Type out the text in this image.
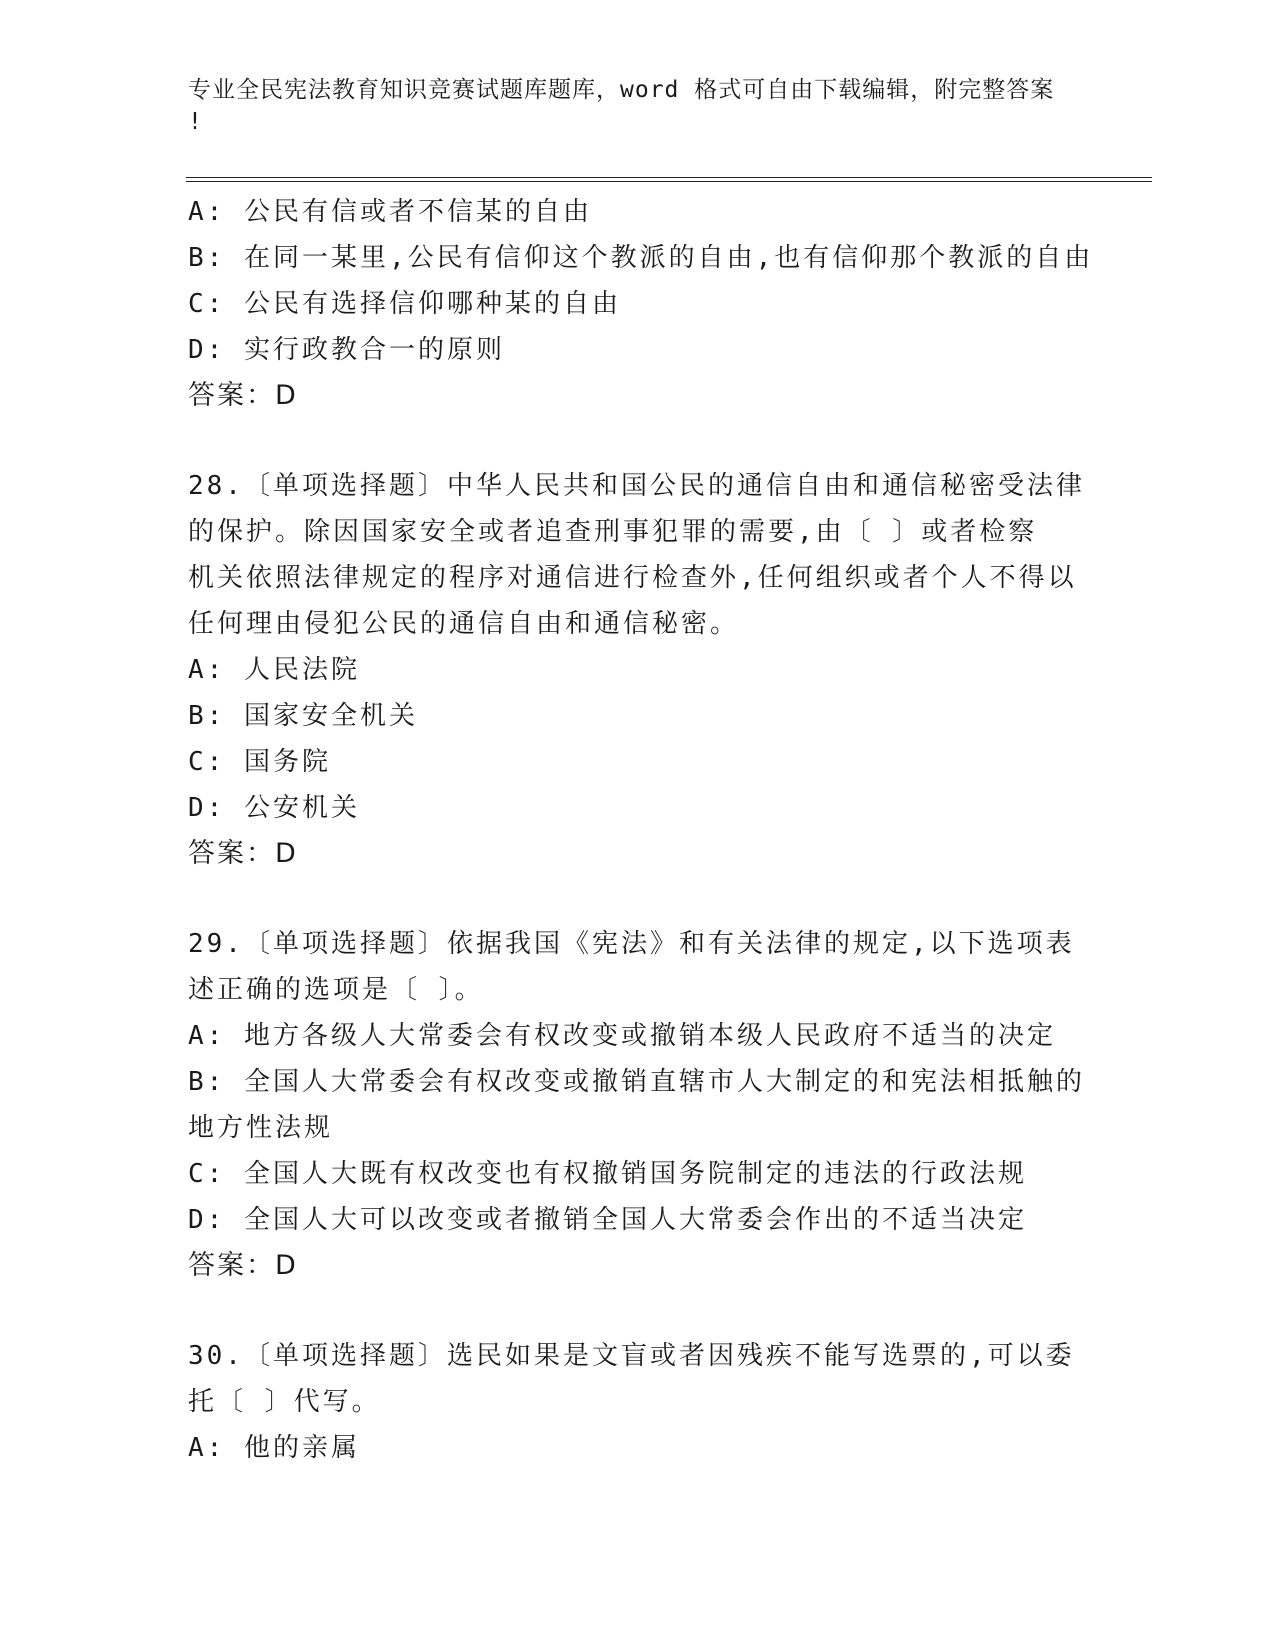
专业全民宪法教育知识竞赛试题库题库，word 格式可自由下载编辑，附完整答案
!
A: 公民有信或者不信某的自由
B: 在同一某里,公民有信仰这个教派的自由,也有信仰那个教派的自由
C: 公民有选择信仰哪种某的自由
D: 实行政教合一的原则
答案：D
28.〔单项选择题〕中华人民共和国公民的通信自由和通信秘密受法律
的保护。除因国家安全或者追查刑事犯罪的需要,由〔 〕或者检察
机关依照法律规定的程序对通信进行检查外,任何组织或者个人不得以
任何理由侵犯公民的通信自由和通信秘密。
A: 人民法院
B: 国家安全机关
C: 国务院
D: 公安机关
答案：D
29.〔单项选择题〕依据我国《宪法》和有关法律的规定,以下选项表
述正确的选项是〔 〕。
A: 地方各级人大常委会有权改变或撤销本级人民政府不适当的决定
B: 全国人大常委会有权改变或撤销直辖市人大制定的和宪法相抵触的
地方性法规
C: 全国人大既有权改变也有权撤销国务院制定的违法的行政法规
D: 全国人大可以改变或者撤销全国人大常委会作出的不适当决定
答案：D
30.〔单项选择题〕选民如果是文盲或者因残疾不能写选票的,可以委
托〔 〕代写。
A: 他的亲属
